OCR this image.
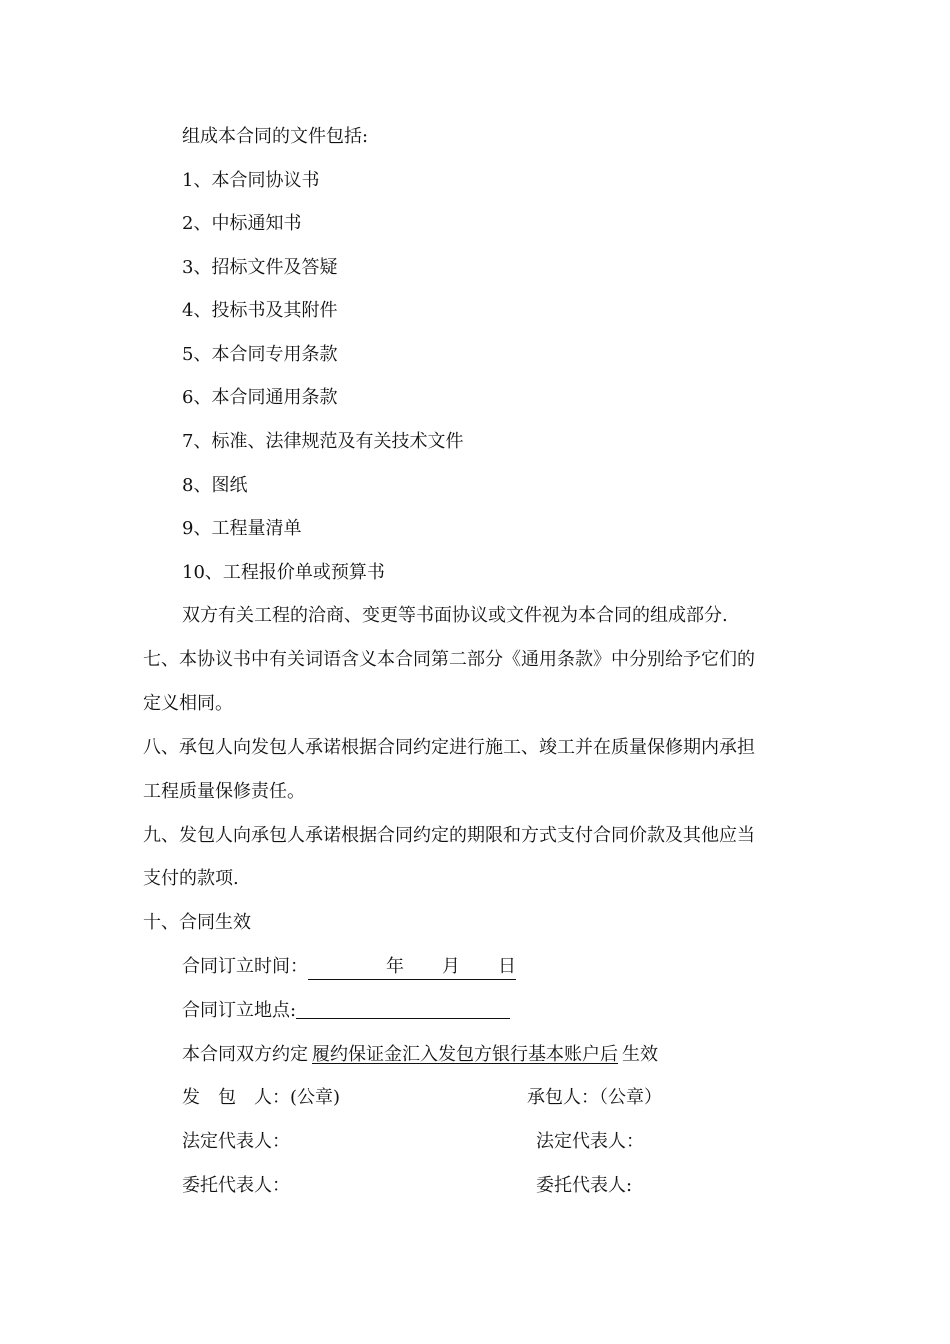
组成本合同的文件包括:
1、本合同协议书
2、中标通知书
3、招标文件及答疑
4、投标书及其附件
5、本合同专用条款
6、本合同通用条款
7、标准、法律规范及有关技术文件
8、图纸
9、工程量清单
10、工程报价单或预算书
双方有关工程的洽商、变更等书面协议或文件视为本合同的组成部分.
七、本协议书中有关词语含义本合同第二部分《通用条款》中分别给予它们的
定义相同。
八、承包人向发包人承诺根据合同约定进行施工、竣工并在质量保修期内承担
工程质量保修责任。
九、发包人向承包人承诺根据合同约定的期限和方式支付合同价款及其他应当
支付的款项.
十、合同生效
合同订立时间：	年 月 日
合同订立地点:
本合同双方约定 履约保证金汇入发包方银行基本账户后 生效
发　包　人：(公章)	承包人：（公章）
法定代表人：	法定代表人：
委托代表人：	委托代表人:
